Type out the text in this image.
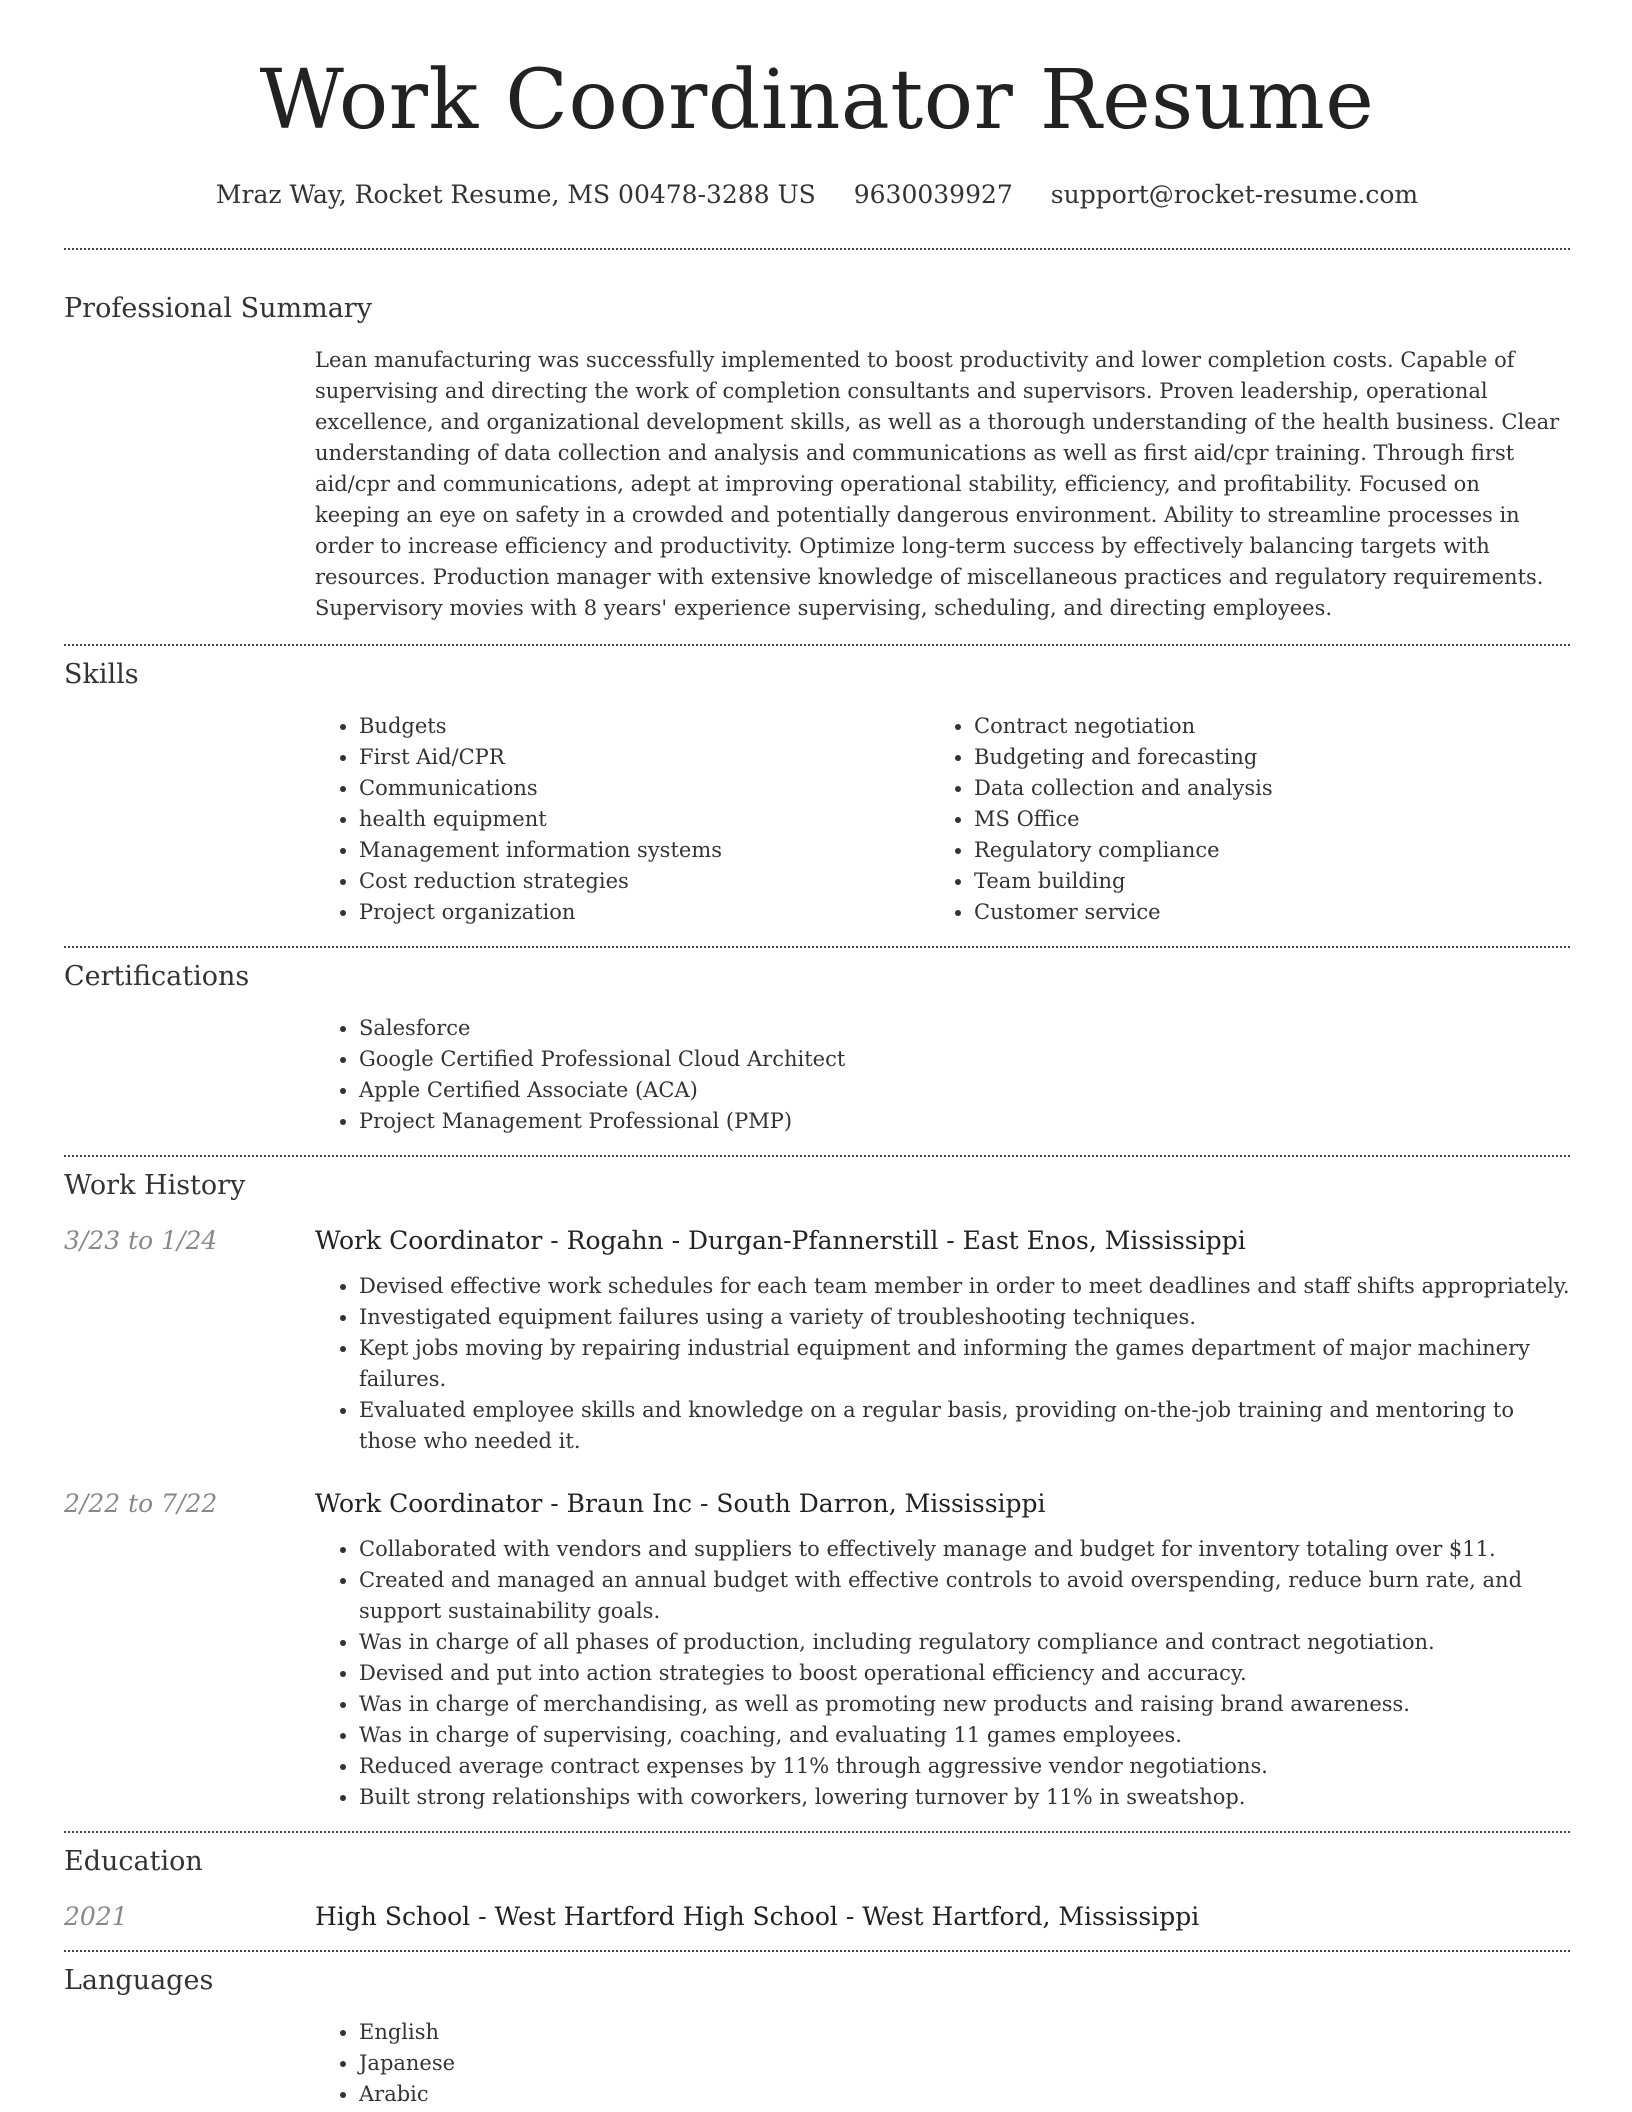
Work Coordinator Resume
Mraz Way, Rocket Resume, MS 00478-3288 US 9630039927 support@rocket-resume.com
Professional Summary

Lean manufacturing was successfully implemented to boost productivity and lower completion costs. Capable of supervising and directing the work of completion consultants and supervisors. Proven leadership, operational excellence, and organizational development skills, as well as a thorough understanding of the health business. Clear understanding of data collection and analysis and communications as well as first aid/cpr training. Through first aid/cpr and communications, adept at improving operational stability, efficiency, and profitability. Focused on keeping an eye on safety in a crowded and potentially dangerous environment. Ability to streamline processes in order to increase efficiency and productivity. Optimize long-term success by effectively balancing targets with resources. Production manager with extensive knowledge of miscellaneous practices and regulatory requirements. Supervisory movies with 8 years' experience supervising, scheduling, and directing employees.

Skills
• Budgets
• First Aid/CPR
• Communications
• health equipment
• Management information systems
• Cost reduction strategies
• Project organization
• Contract negotiation
• Budgeting and forecasting
• Data collection and analysis
• MS Office
• Regulatory compliance
• Team building
• Customer service
Certifications
• Salesforce
• Google Certified Professional Cloud Architect
• Apple Certified Associate (ACA)
• Project Management Professional (PMP)
Work History
3/23 to 1/24	Work Coordinator - Rogahn - Durgan-Pfannerstill - East Enos, Mississippi
• Devised effective work schedules for each team member in order to meet deadlines and staff shifts appropriately.
• Investigated equipment failures using a variety of troubleshooting techniques.
• Kept jobs moving by repairing industrial equipment and informing the games department of major machinery failures.
• Evaluated employee skills and knowledge on a regular basis, providing on-the-job training and mentoring to those who needed it.
2/22 to 7/22	Work Coordinator - Braun Inc - South Darron, Mississippi
• Collaborated with vendors and suppliers to effectively manage and budget for inventory totaling over $11.
• Created and managed an annual budget with effective controls to avoid overspending, reduce burn rate, and support sustainability goals.
• Was in charge of all phases of production, including regulatory compliance and contract negotiation.
• Devised and put into action strategies to boost operational efficiency and accuracy.
• Was in charge of merchandising, as well as promoting new products and raising brand awareness.
• Was in charge of supervising, coaching, and evaluating 11 games employees.
• Reduced average contract expenses by 11% through aggressive vendor negotiations.
• Built strong relationships with coworkers, lowering turnover by 11% in sweatshop.
Education
2021	High School - West Hartford High School - West Hartford, Mississippi
Languages
• English
• Japanese
• Arabic
